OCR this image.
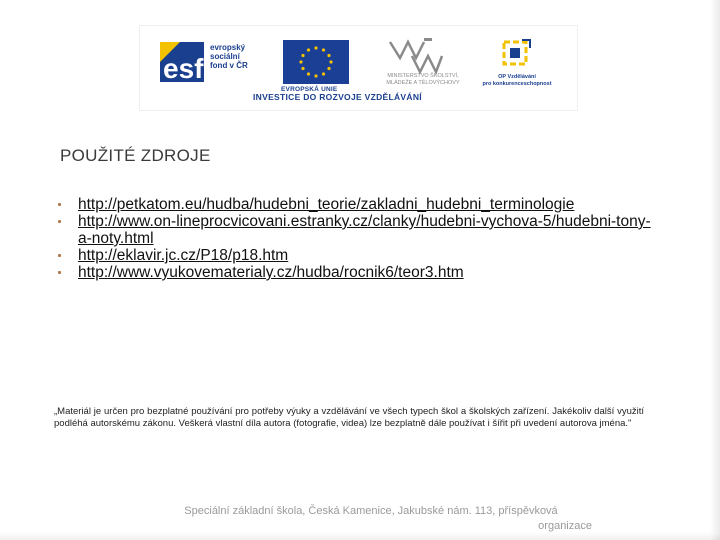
esf
evropský
sociální
fond v ČR
EVROPSKÁ UNIE
MINISTERSTVO ŠKOLSTVÍ,
MLÁDEŽE A TĚLOVÝCHOVY
OP Vzdělávání
pro konkurenceschopnost
INVESTICE DO ROZVOJE VZDĚLÁVÁNÍ
POUŽITÉ ZDROJE
http://petkatom.eu/hudba/hudebni_teorie/zakladni_hudebni_terminologie
http://www.on-lineprocvicovani.estranky.cz/clanky/hudebni-vychova-5/hudebni-tony-a-noty.html
http://eklavir.jc.cz/P18/p18.htm
http://www.vyukovematerialy.cz/hudba/rocnik6/teor3.htm
„Materiál je určen pro bezplatné používání pro potřeby výuky a vzdělávání ve všech typech škol a školských zařízení. Jakékoliv další využití podléhá autorskému zákonu. Veškerá vlastní díla autora (fotografie, videa) lze bezplatně dále používat i šířit při uvedení autorova jména."
Speciální základní škola, Česká Kamenice, Jakubské nám. 113, příspěvková
organizace
